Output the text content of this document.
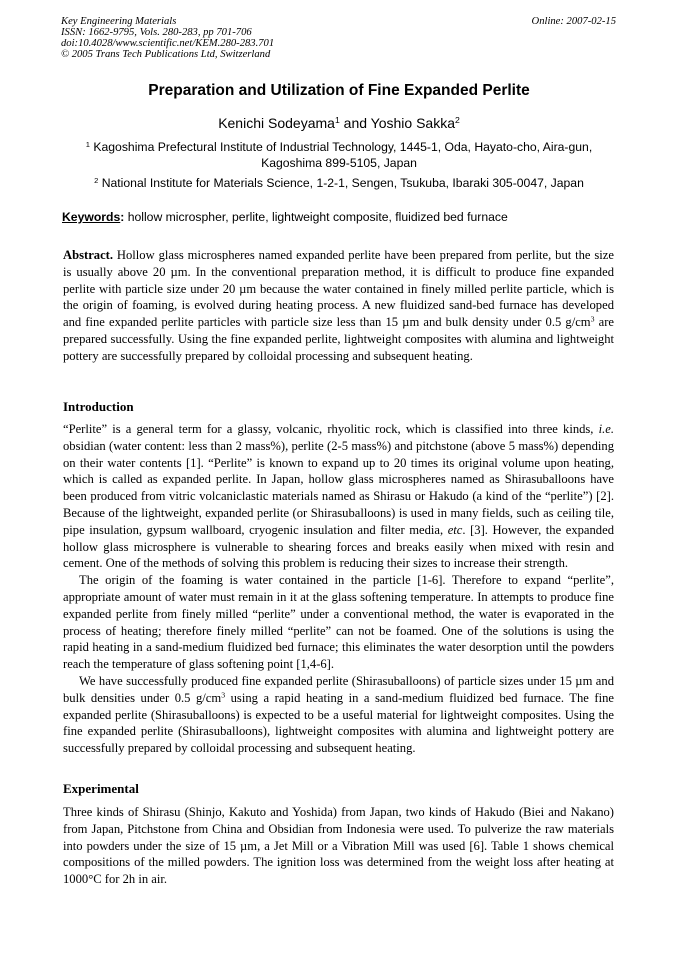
Key Engineering Materials
ISSN: 1662-9795, Vols. 280-283, pp 701-706
doi:10.4028/www.scientific.net/KEM.280-283.701
© 2005 Trans Tech Publications Ltd, Switzerland
Online: 2007-02-15
Preparation and Utilization of Fine Expanded Perlite
Kenichi Sodeyama$^1$ and Yoshio Sakka$^2$
$^1$ Kagoshima Prefectural Institute of Industrial Technology, 1445-1, Oda, Hayato-cho, Aira-gun, Kagoshima 899-5105, Japan
$^2$ National Institute for Materials Science, 1-2-1, Sengen, Tsukuba, Ibaraki 305-0047, Japan
Keywords: hollow microspher, perlite, lightweight composite, fluidized bed furnace

Abstract. Hollow glass microspheres named expanded perlite have been prepared from perlite, but the size is usually above 20 µm. In the conventional preparation method, it is difficult to produce fine expanded perlite with particle size under 20 µm because the water contained in finely milled perlite particle, which is the origin of foaming, is evolved during heating process. A new fluidized sand-bed furnace has developed and fine expanded perlite particles with particle size less than 15 µm and bulk density under 0.5 $g/cm^3$ are prepared successfully. Using the fine expanded perlite, lightweight composites with alumina and lightweight pottery are successfully prepared by colloidal processing and subsequent heating.

Introduction

“Perlite” is a general term for a glassy, volcanic, rhyolitic rock, which is classified into three kinds, i.e. obsidian (water content: less than 2 mass%), perlite (2-5 mass%) and pitchstone (above 5 mass%) depending on their water contents [1]. “Perlite” is known to expand up to 20 times its original volume upon heating, which is called as expanded perlite. In Japan, hollow glass microspheres named as Shirasuballoons have been produced from vitric volcaniclastic materials named as Shirasu or Hakudo (a kind of the “perlite”) [2]. Because of the lightweight, expanded perlite (or Shirasuballoons) is used in many fields, such as ceiling tile, pipe insulation, gypsum wallboard, cryogenic insulation and filter media, etc. [3]. However, the expanded hollow glass microsphere is vulnerable to shearing forces and breaks easily when mixed with resin and cement. One of the methods of solving this problem is reducing their sizes to increase their strength.

The origin of the foaming is water contained in the particle [1-6]. Therefore to expand “perlite”, appropriate amount of water must remain in it at the glass softening temperature. In attempts to produce fine expanded perlite from finely milled “perlite” under a conventional method, the water is evaporated in the process of heating; therefore finely milled “perlite” can not be foamed. One of the solutions is using the rapid heating in a sand-medium fluidized bed furnace; this eliminates the water desorption until the powders reach the temperature of glass softening point [1,4-6].

We have successfully produced fine expanded perlite (Shirasuballoons) of particle sizes under 15 µm and bulk densities under 0.5 $g/cm^3$ using a rapid heating in a sand-medium fluidized bed furnace. The fine expanded perlite (Shirasuballoons) is expected to be a useful material for lightweight composites. Using the fine expanded perlite (Shirasuballoons), lightweight composites with alumina and lightweight pottery are successfully prepared by colloidal processing and subsequent heating.

Experimental

Three kinds of Shirasu (Shinjo, Kakuto and Yoshida) from Japan, two kinds of Hakudo (Biei and Nakano) from Japan, Pitchstone from China and Obsidian from Indonesia were used. To pulverize the raw materials into powders under the size of 15 µm, a Jet Mill or a Vibration Mill was used [6]. Table 1 shows chemical compositions of the milled powders. The ignition loss was determined from the weight loss after heating at 1000°C for 2h in air.
